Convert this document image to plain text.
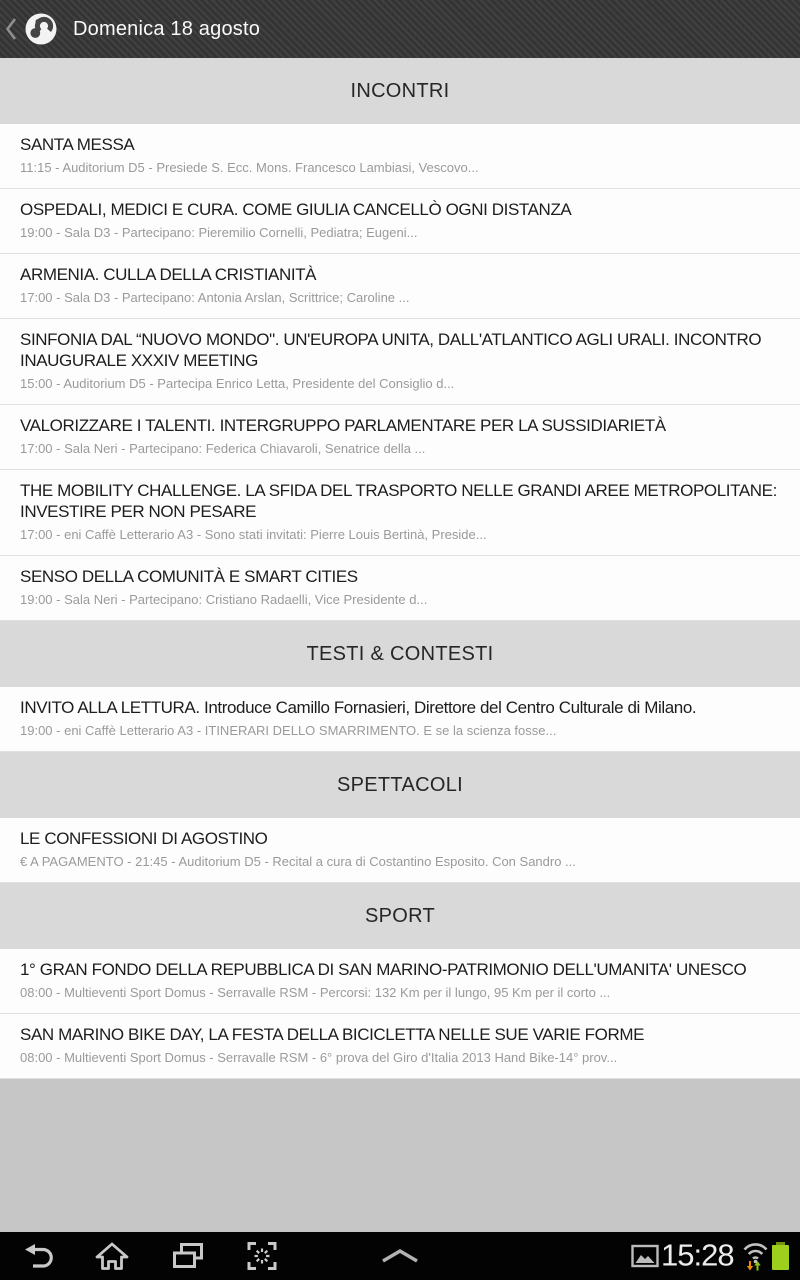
Domenica 18 agosto
INCONTRI
SANTA MESSA
11:15 - Auditorium D5 - Presiede S. Ecc. Mons. Francesco Lambiasi, Vescovo...
OSPEDALI, MEDICI E CURA. COME GIULIA CANCELLÒ OGNI DISTANZA
19:00 - Sala D3 - Partecipano: Pieremilio Cornelli, Pediatra; Eugeni...
ARMENIA. CULLA DELLA CRISTIANITÀ
17:00 - Sala D3 - Partecipano: Antonia Arslan, Scrittrice; Caroline ...
SINFONIA DAL “NUOVO MONDO". UN'EUROPA UNITA, DALL'ATLANTICO AGLI URALI. INCONTRO INAUGURALE XXXIV MEETING
15:00 - Auditorium D5 - Partecipa Enrico Letta, Presidente del Consiglio d...
VALORIZZARE I TALENTI. INTERGRUPPO PARLAMENTARE PER LA SUSSIDIARIETÀ
17:00 - Sala Neri - Partecipano: Federica Chiavaroli, Senatrice della ...
THE MOBILITY CHALLENGE. LA SFIDA DEL TRASPORTO NELLE GRANDI AREE METROPOLITANE: INVESTIRE PER NON PESARE
17:00 - eni Caffè Letterario A3 - Sono stati invitati: Pierre Louis Bertinà, Preside...
SENSO DELLA COMUNITÀ E SMART CITIES
19:00 - Sala Neri - Partecipano: Cristiano Radaelli, Vice Presidente d...
TESTI & CONTESTI
INVITO ALLA LETTURA. Introduce Camillo Fornasieri, Direttore del Centro Culturale di Milano.
19:00 - eni Caffè Letterario A3 - ITINERARI DELLO SMARRIMENTO. E se la scienza fosse...
SPETTACOLI
LE CONFESSIONI DI AGOSTINO
€ A PAGAMENTO - 21:45 - Auditorium D5 - Recital a cura di Costantino Esposito. Con Sandro ...
SPORT
1° GRAN FONDO DELLA REPUBBLICA DI SAN MARINO-PATRIMONIO DELL'UMANITA' UNESCO
08:00 - Multieventi Sport Domus - Serravalle RSM - Percorsi: 132 Km per il lungo, 95 Km per il corto ...
SAN MARINO BIKE DAY, LA FESTA DELLA BICICLETTA NELLE SUE VARIE FORME
08:00 - Multieventi Sport Domus - Serravalle RSM - 6° prova del Giro d'Italia 2013 Hand Bike-14° prov...
15:28
